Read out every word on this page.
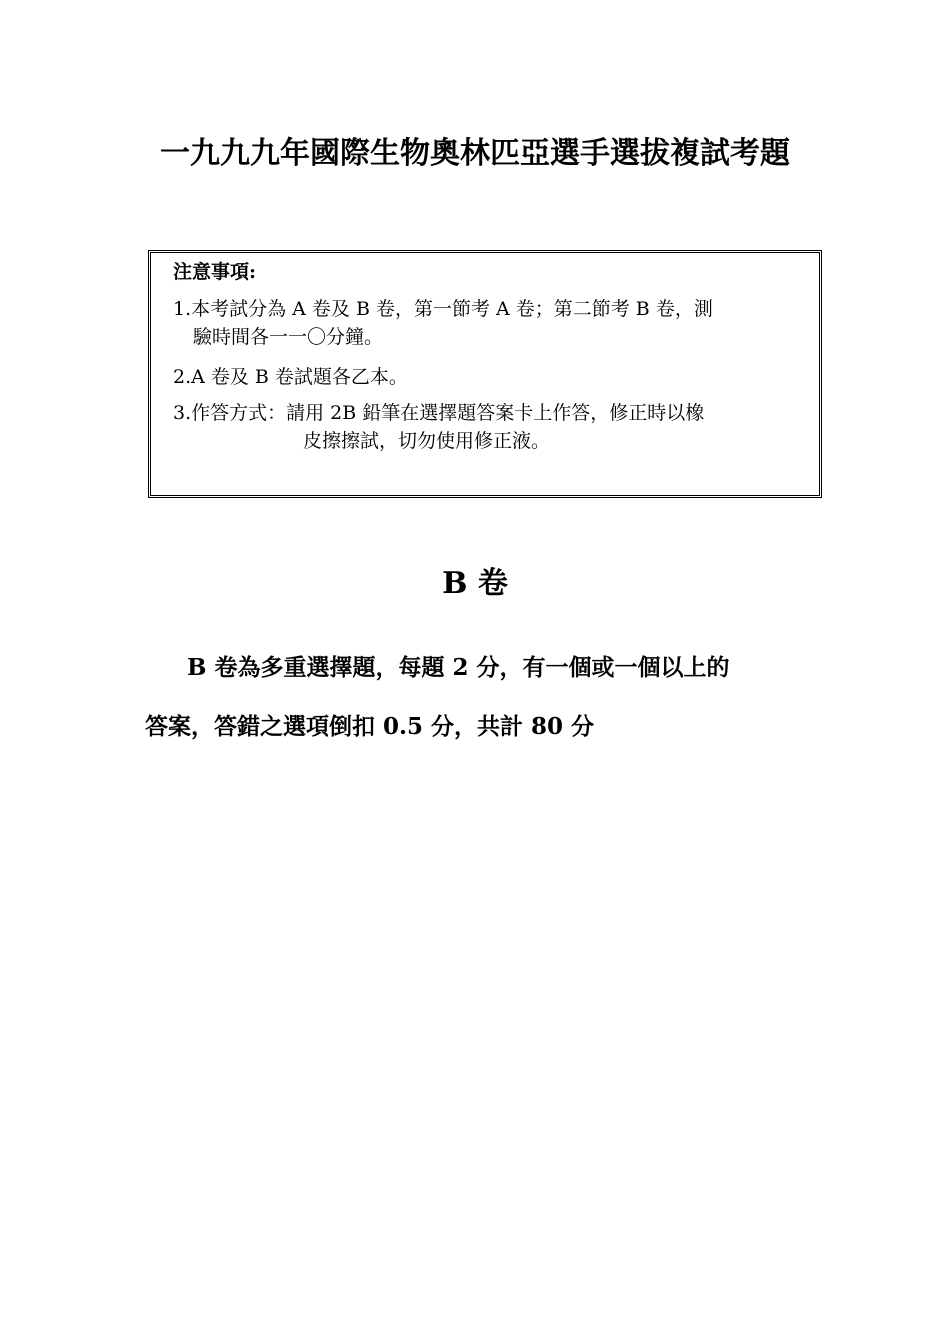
一九九九年國際生物奧林匹亞選手選拔複試考題
注意事項:
1.本考試分為 A 卷及 B 卷，第一節考 A 卷；第二節考 B 卷，測
驗時間各一一〇分鐘。
2.A 卷及 B 卷試題各乙本。
3.作答方式：請用 2B 鉛筆在選擇題答案卡上作答，修正時以橡
皮擦擦試，切勿使用修正液。
B 卷
B 卷為多重選擇題，每題 2 分，有一個或一個以上的
答案，答錯之選項倒扣 0.5 分，共計 80 分
